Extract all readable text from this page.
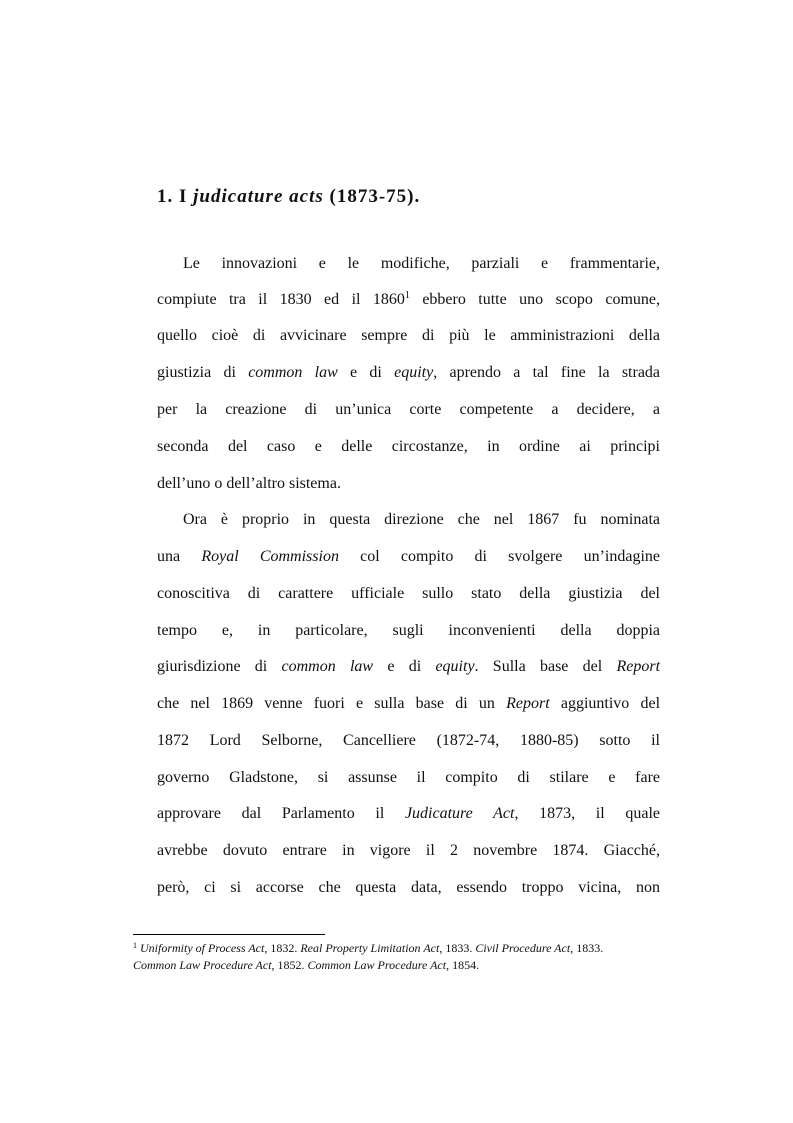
1. I judicature acts (1873-75).
Le innovazioni e le modifiche, parziali e frammentarie,
compiute tra il 1830 ed il 1860$^1$ ebbero tutte uno scopo comune,
quello cioè di avvicinare sempre di più le amministrazioni della
giustizia di common law e di equity, aprendo a tal fine la strada
per la creazione di un’unica corte competente a decidere, a
seconda del caso e delle circostanze, in ordine ai principi
dell’uno o dell’altro sistema.
Ora è proprio in questa direzione che nel 1867 fu nominata
una Royal Commission col compito di svolgere un’indagine
conoscitiva di carattere ufficiale sullo stato della giustizia del
tempo e, in particolare, sugli inconvenienti della doppia
giurisdizione di common law e di equity. Sulla base del Report
che nel 1869 venne fuori e sulla base di un Report aggiuntivo del
1872 Lord Selborne, Cancelliere (1872-74, 1880-85) sotto il
governo Gladstone, si assunse il compito di stilare e fare
approvare dal Parlamento il Judicature Act, 1873, il quale
avrebbe dovuto entrare in vigore il 2 novembre 1874. Giacché,
però, ci si accorse che questa data, essendo troppo vicina, non
$^1$ Uniformity of Process Act, 1832. Real Property Limitation Act, 1833. Civil Procedure Act, 1833.
Common Law Procedure Act, 1852. Common Law Procedure Act, 1854.
